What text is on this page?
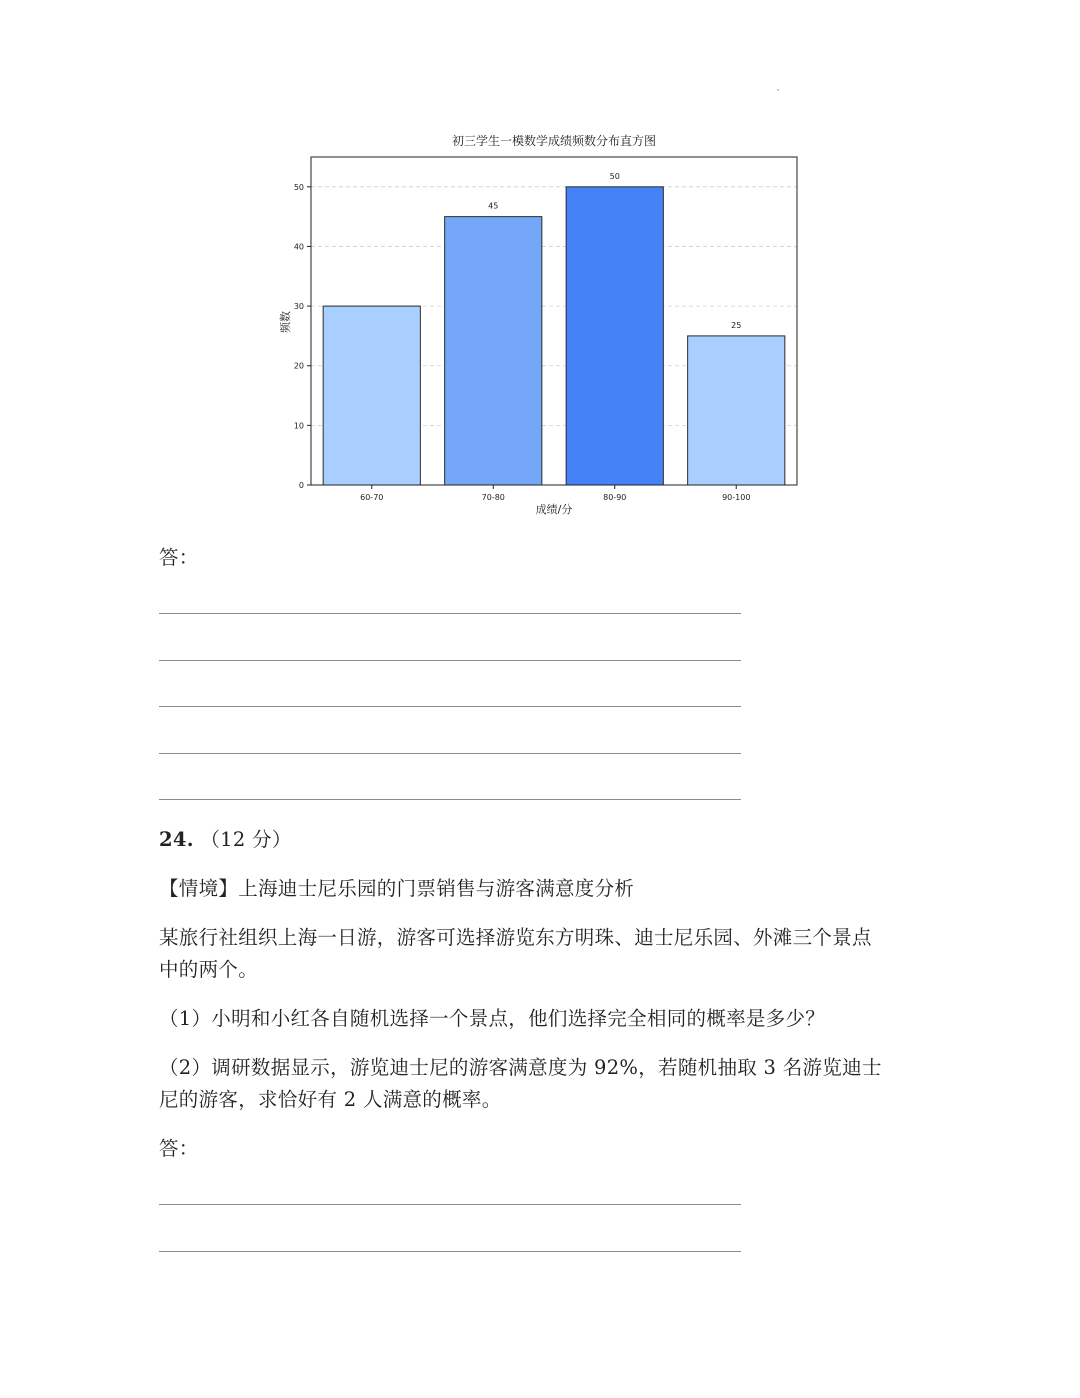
初三学生一模数学成绩频数分布直方图
45
50
25
0
10
20
30
40
50
60-70	70-80	80-90	90-100
频数
成绩/分
答：
24. （12 分）
【情境】上海迪士尼乐园的门票销售与游客满意度分析
某旅行社组织上海一日游，游客可选择游览东方明珠、迪士尼乐园、外滩三个景点
中的两个。
（1）小明和小红各自随机选择一个景点，他们选择完全相同的概率是多少？
（2）调研数据显示，游览迪士尼的游客满意度为 92%，若随机抽取 3 名游览迪士
尼的游客，求恰好有 2 人满意的概率。
答：
